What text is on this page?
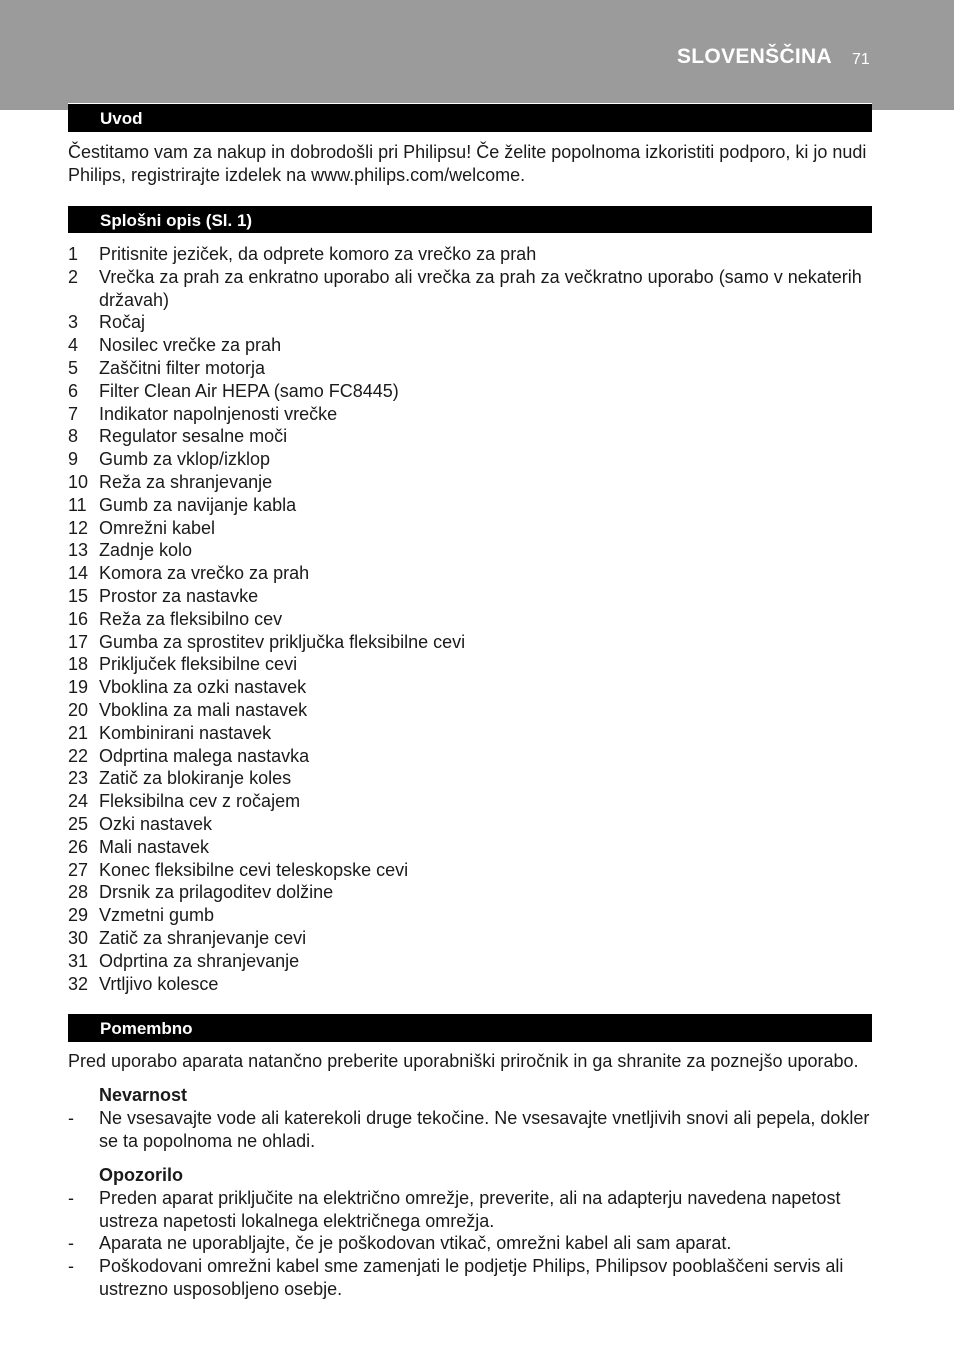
SLOVENŠČINA 71
Uvod

Čestitamo vam za nakup in dobrodošli pri Philipsu! Če želite popolnoma izkoristiti podporo, ki jo nudi Philips, registrirajte izdelek na www.philips.com/welcome.

Splošni opis (Sl. 1)
1 Pritisnite jeziček, da odprete komoro za vrečko za prah
2 Vrečka za prah za enkratno uporabo ali vrečka za prah za večkratno uporabo (samo v nekaterih državah)
3 Ročaj
4 Nosilec vrečke za prah
5 Zaščitni filter motorja
6 Filter Clean Air HEPA (samo FC8445)
7 Indikator napolnjenosti vrečke
8 Regulator sesalne moči
9 Gumb za vklop/izklop
10 Reža za shranjevanje
11 Gumb za navijanje kabla
12 Omrežni kabel
13 Zadnje kolo
14 Komora za vrečko za prah
15 Prostor za nastavke
16 Reža za fleksibilno cev
17 Gumba za sprostitev priključka fleksibilne cevi
18 Priključek fleksibilne cevi
19 Vboklina za ozki nastavek
20 Vboklina za mali nastavek
21 Kombinirani nastavek
22 Odprtina malega nastavka
23 Zatič za blokiranje koles
24 Fleksibilna cev z ročajem
25 Ozki nastavek
26 Mali nastavek
27 Konec fleksibilne cevi teleskopske cevi
28 Drsnik za prilagoditev dolžine
29 Vzmetni gumb
30 Zatič za shranjevanje cevi
31 Odprtina za shranjevanje
32 Vrtljivo kolesce
Pomembno

Pred uporabo aparata natančno preberite uporabniški priročnik in ga shranite za poznejšo uporabo.

Nevarnost
- Ne vsesavajte vode ali katerekoli druge tekočine. Ne vsesavajte vnetljivih snovi ali pepela, dokler se ta popolnoma ne ohladi.
Opozorilo
- Preden aparat priključite na električno omrežje, preverite, ali na adapterju navedena napetost ustreza napetosti lokalnega električnega omrežja.
- Aparata ne uporabljajte, če je poškodovan vtikač, omrežni kabel ali sam aparat.
- Poškodovani omrežni kabel sme zamenjati le podjetje Philips, Philipsov pooblaščeni servis ali ustrezno usposobljeno osebje.
